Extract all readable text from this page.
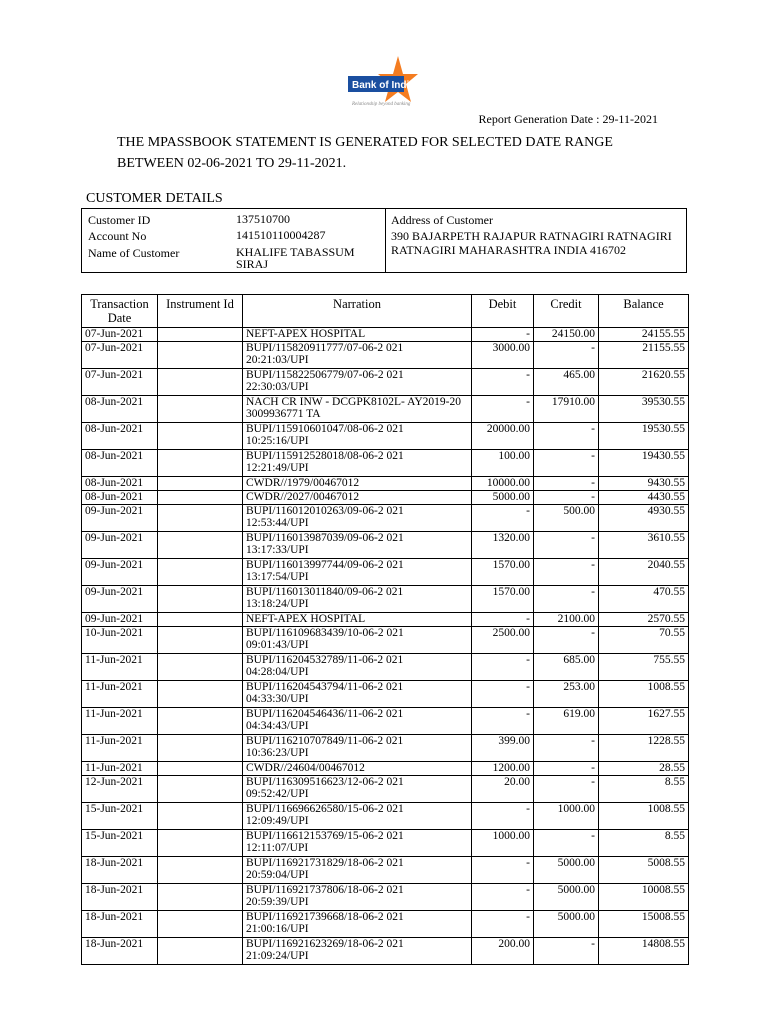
Bank of India
Relationship beyond banking
Report Generation Date : 29-11-2021
THE MPASSBOOK STATEMENT IS GENERATED FOR SELECTED DATE RANGE BETWEEN 02-06-2021 TO 29-11-2021.
CUSTOMER DETAILS
Customer ID	137510700
Account No	141510110004287
Name of Customer	KHALIFE TABASSUM SIRAJ
Address of Customer
390 BAJARPETH RAJAPUR RATNAGIRI RATNAGIRI RATNAGIRI MAHARASHTRA INDIA 416702
Transaction Date	Instrument Id	Narration	Debit	Credit	Balance
07-Jun-2021		NEFT-APEX HOSPITAL	-	24150.00	24155.55
07-Jun-2021		BUPI/115820911777/07-06-2 021
20:21:03/UPI	3000.00	-	21155.55
07-Jun-2021		BUPI/115822506779/07-06-2 021
22:30:03/UPI	-	465.00	21620.55
08-Jun-2021		NACH CR INW - DCGPK8102L- AY2019-20
3009936771 TA	-	17910.00	39530.55
08-Jun-2021		BUPI/115910601047/08-06-2 021
10:25:16/UPI	20000.00	-	19530.55
08-Jun-2021		BUPI/115912528018/08-06-2 021
12:21:49/UPI	100.00	-	19430.55
08-Jun-2021		CWDR//1979/00467012	10000.00	-	9430.55
08-Jun-2021		CWDR//2027/00467012	5000.00	-	4430.55
09-Jun-2021		BUPI/116012010263/09-06-2 021
12:53:44/UPI	-	500.00	4930.55
09-Jun-2021		BUPI/116013987039/09-06-2 021
13:17:33/UPI	1320.00	-	3610.55
09-Jun-2021		BUPI/116013997744/09-06-2 021
13:17:54/UPI	1570.00	-	2040.55
09-Jun-2021		BUPI/116013011840/09-06-2 021
13:18:24/UPI	1570.00	-	470.55
09-Jun-2021		NEFT-APEX HOSPITAL	-	2100.00	2570.55
10-Jun-2021		BUPI/116109683439/10-06-2 021
09:01:43/UPI	2500.00	-	70.55
11-Jun-2021		BUPI/116204532789/11-06-2 021
04:28:04/UPI	-	685.00	755.55
11-Jun-2021		BUPI/116204543794/11-06-2 021
04:33:30/UPI	-	253.00	1008.55
11-Jun-2021		BUPI/116204546436/11-06-2 021
04:34:43/UPI	-	619.00	1627.55
11-Jun-2021		BUPI/116210707849/11-06-2 021
10:36:23/UPI	399.00	-	1228.55
11-Jun-2021		CWDR//24604/00467012	1200.00	-	28.55
12-Jun-2021		BUPI/116309516623/12-06-2 021
09:52:42/UPI	20.00	-	8.55
15-Jun-2021		BUPI/116696626580/15-06-2 021
12:09:49/UPI	-	1000.00	1008.55
15-Jun-2021		BUPI/116612153769/15-06-2 021
12:11:07/UPI	1000.00	-	8.55
18-Jun-2021		BUPI/116921731829/18-06-2 021
20:59:04/UPI	-	5000.00	5008.55
18-Jun-2021		BUPI/116921737806/18-06-2 021
20:59:39/UPI	-	5000.00	10008.55
18-Jun-2021		BUPI/116921739668/18-06-2 021
21:00:16/UPI	-	5000.00	15008.55
18-Jun-2021		BUPI/116921623269/18-06-2 021
21:09:24/UPI	200.00	-	14808.55
